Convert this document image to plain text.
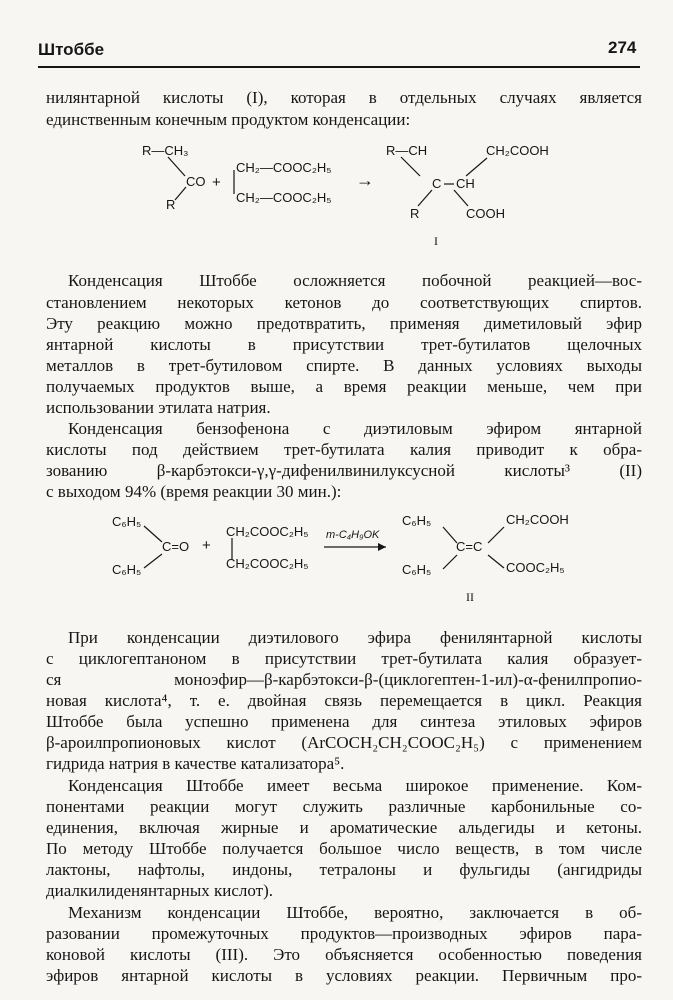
Штоббе	274
нилянтарной кислоты (I), которая в отдельных случаях является
единственным конечным продуктом конденсации:
R—CH₃
CO
R
+
CH₂—COOC₂H₅
CH₂—COOC₂H₅
→
R—CH	CH₂COOH
C CH
R	COOH
I
Конденсация Штоббе осложняется побочной реакцией—вос-
становлением некоторых кетонов до соответствующих спиртов.
Эту реакцию можно предотвратить, применяя диметиловый эфир
янтарной кислоты в присутствии трет-бутилатов щелочных
металлов в трет-бутиловом спирте. В данных условиях выходы
получаемых продуктов выше, а время реакции меньше, чем при
использовании этилата натрия.
Конденсация бензофенона с диэтиловым эфиром янтарной
кислоты под действием трет-бутилата калия приводит к обра-
зованию β-карбэтокси-γ,γ-дифенилвинилуксусной кислоты³ (II)
с выходом 94% (время реакции 30 мин.):
C₆H₅
C₆H₅
C=O +
CH₂COOC₂H₅
CH₂COOC₂H₅
т-C₄H₉OK
C₆H₅
C₆H₅
C=C
CH₂COOH
COOC₂H₅
II
При конденсации диэтилового эфира фенилянтарной кислоты
с циклогептаноном в присутствии трет-бутилата калия образует-
ся моноэфир—β-карбэтокси-β-(циклогептен-1-ил)-α-фенилпропио-
новая кислота⁴, т. е. двойная связь перемещается в цикл. Реакция
Штоббе была успешно применена для синтеза этиловых эфиров
β-ароилпропионовых кислот (ArCOCH₂CH₂COOC₂H₅) с применением
гидрида натрия в качестве катализатора⁵.
Конденсация Штоббе имеет весьма широкое применение. Ком-
понентами реакции могут служить различные карбонильные со-
единения, включая жирные и ароматические альдегиды и кетоны.
По методу Штоббе получается большое число веществ, в том числе
лактоны, нафтолы, индоны, тетралоны и фульгиды (ангидриды
диалкилиденянтарных кислот).
Механизм конденсации Штоббе, вероятно, заключается в об-
разовании промежуточных продуктов—производных эфиров пара-
коновой кислоты (III). Это объясняется особенностью поведения
эфиров янтарной кислоты в условиях реакции. Первичным про-
